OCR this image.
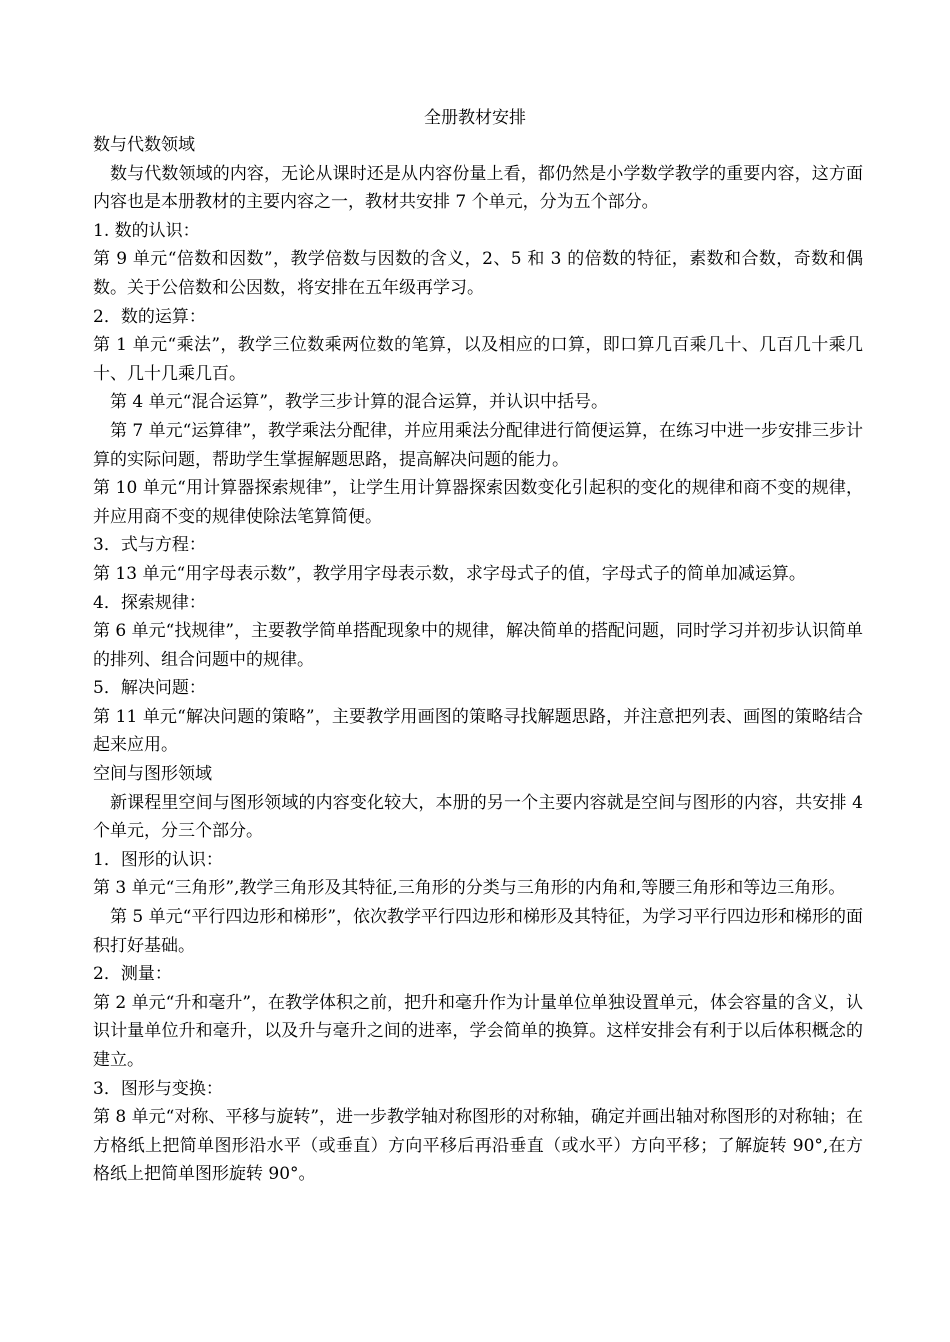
全册教材安排

数与代数领域

数与代数领域的内容，无论从课时还是从内容份量上看，都仍然是小学数学教学的重要内容，这方面内容也是本册教材的主要内容之一，教材共安排 7 个单元，分为五个部分。

1. 数的认识：

第 9 单元“倍数和因数”，教学倍数与因数的含义，2、5 和 3 的倍数的特征，素数和合数，奇数和偶数。关于公倍数和公因数，将安排在五年级再学习。

2．数的运算：

第 1 单元“乘法”，教学三位数乘两位数的笔算，以及相应的口算，即口算几百乘几十、几百几十乘几十、几十几乘几百。

第 4 单元“混合运算”，教学三步计算的混合运算，并认识中括号。

第 7 单元“运算律”，教学乘法分配律，并应用乘法分配律进行简便运算，在练习中进一步安排三步计算的实际问题，帮助学生掌握解题思路，提高解决问题的能力。

第 10 单元“用计算器探索规律”，让学生用计算器探索因数变化引起积的变化的规律和商不变的规律，并应用商不变的规律使除法笔算简便。

3．式与方程：

第 13 单元“用字母表示数”，教学用字母表示数，求字母式子的值，字母式子的简单加减运算。

4．探索规律：

第 6 单元“找规律”，主要教学简单搭配现象中的规律，解决简单的搭配问题，同时学习并初步认识简单的排列、组合问题中的规律。

5．解决问题：

第 11 单元“解决问题的策略”，主要教学用画图的策略寻找解题思路，并注意把列表、画图的策略结合起来应用。

空间与图形领域

新课程里空间与图形领域的内容变化较大，本册的另一个主要内容就是空间与图形的内容，共安排 4 个单元，分三个部分。

1．图形的认识：

第 3 单元“三角形”,教学三角形及其特征,三角形的分类与三角形的内角和,等腰三角形和等边三角形。

第 5 单元“平行四边形和梯形”，依次教学平行四边形和梯形及其特征，为学习平行四边形和梯形的面积打好基础。

2．测量：

第 2 单元“升和毫升”，在教学体积之前，把升和毫升作为计量单位单独设置单元，体会容量的含义，认识计量单位升和毫升，以及升与毫升之间的进率，学会简单的换算。这样安排会有利于以后体积概念的建立。

3．图形与变换：

第 8 单元“对称、平移与旋转”，进一步教学轴对称图形的对称轴，确定并画出轴对称图形的对称轴；在方格纸上把简单图形沿水平（或垂直）方向平移后再沿垂直（或水平）方向平移；了解旋转 90°,在方格纸上把简单图形旋转 90°。
